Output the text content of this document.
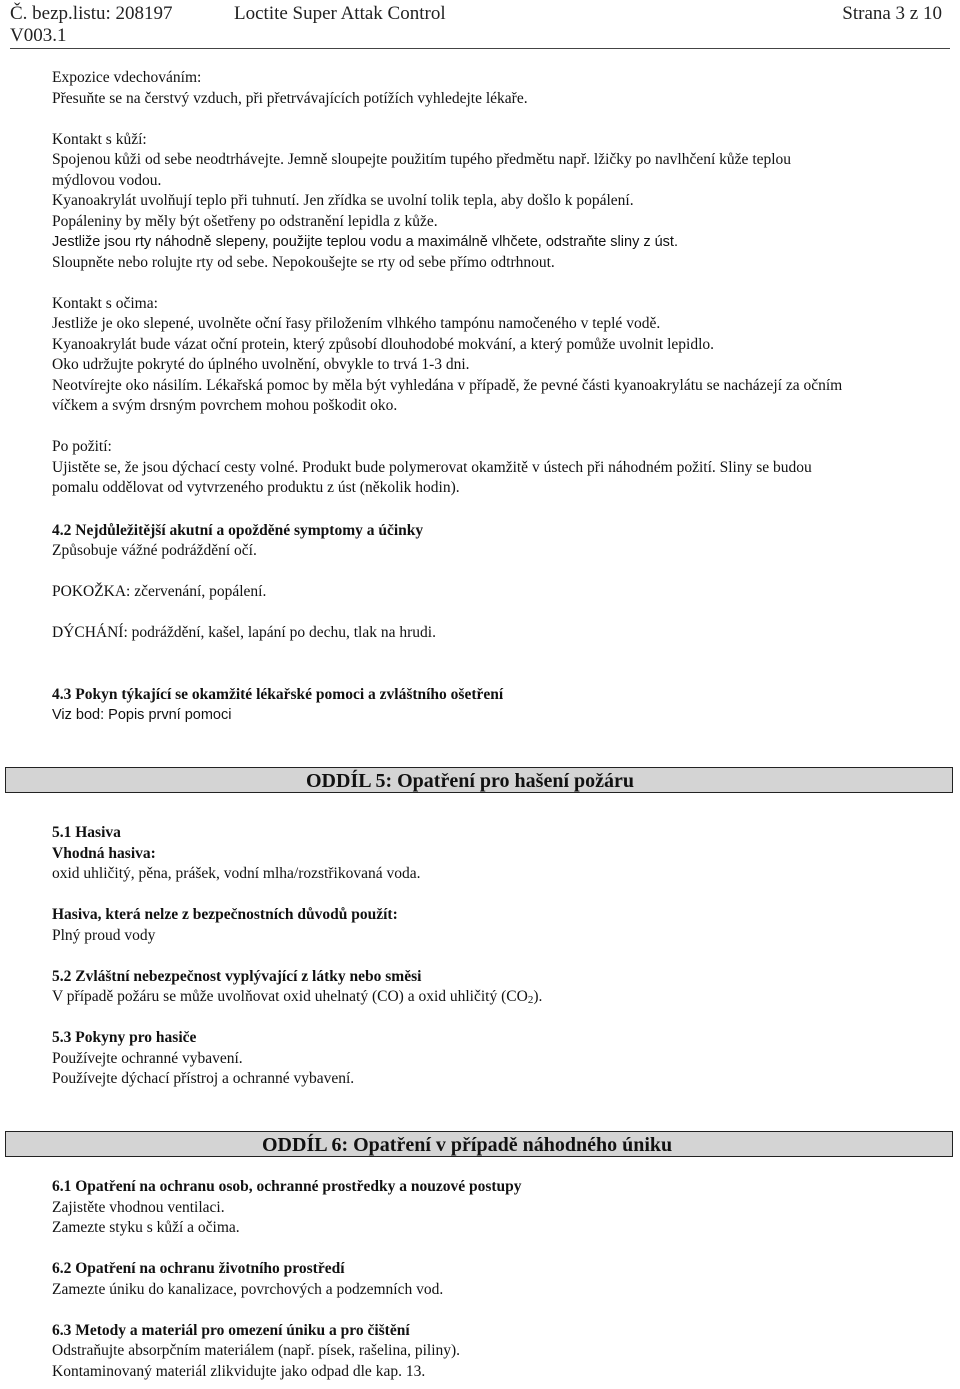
Č. bezp.listu: 208197	Loctite Super Attak Control	Strana 3 z 10
V003.1

Expozice vdechováním:

Přesuňte se na čerstvý vzduch, při přetrvávajících potížích vyhledejte lékaře.

Kontakt s kůží:

Spojenou kůži od sebe neodtrhávejte. Jemně sloupejte použitím tupého předmětu např. lžičky po navlhčení kůže teplou

mýdlovou vodou.

Kyanoakrylát uvolňují teplo při tuhnutí. Jen zřídka se uvolní tolik tepla, aby došlo k popálení.

Popáleniny by měly být ošetřeny po odstranění lepidla z kůže.

Jestliže jsou rty náhodně slepeny, použijte teplou vodu a maximálně vlhčete, odstraňte sliny z úst.

Sloupněte nebo rolujte rty od sebe. Nepokoušejte se rty od sebe přímo odtrhnout.

Kontakt s očima:

Jestliže je oko slepené, uvolněte oční řasy přiložením vlhkého tampónu namočeného v teplé vodě.

Kyanoakrylát bude vázat oční protein, který způsobí dlouhodobé mokvání, a který pomůže uvolnit lepidlo.

Oko udržujte pokryté do úplného uvolnění, obvykle to trvá 1-3 dni.

Neotvírejte oko násilím. Lékařská pomoc by měla být vyhledána v případě, že pevné části kyanoakrylátu se nacházejí za očním

víčkem a svým drsným povrchem mohou poškodit oko.

Po požití:

Ujistěte se, že jsou dýchací cesty volné. Produkt bude polymerovat okamžitě v ústech při náhodném požití. Sliny se budou

pomalu oddělovat od vytvrzeného produktu z úst (několik hodin).

4.2 Nejdůležitější akutní a opožděné symptomy a účinky

Způsobuje vážné podráždění očí.

POKOŽKA: zčervenání, popálení.

DÝCHÁNÍ: podráždění, kašel, lapání po dechu, tlak na hrudi.

4.3 Pokyn týkající se okamžité lékařské pomoci a zvláštního ošetření

Viz bod: Popis první pomoci

ODDÍL 5: Opatření pro hašení požáru

5.1 Hasiva

Vhodná hasiva:

oxid uhličitý, pěna, prášek, vodní mlha/rozstřikovaná voda.

Hasiva, která nelze z bezpečnostních důvodů použít:

Plný proud vody

5.2 Zvláštní nebezpečnost vyplývající z látky nebo směsi

V případě požáru se může uvolňovat oxid uhelnatý (CO) a oxid uhličitý (CO2).

5.3 Pokyny pro hasiče

Používejte ochranné vybavení.

Používejte dýchací přístroj a ochranné vybavení.

ODDÍL 6: Opatření v případě náhodného úniku

6.1 Opatření na ochranu osob, ochranné prostředky a nouzové postupy

Zajistěte vhodnou ventilaci.

Zamezte styku s kůží a očima.

6.2 Opatření na ochranu životního prostředí

Zamezte úniku do kanalizace, povrchových a podzemních vod.

6.3 Metody a materiál pro omezení úniku a pro čištění

Odstraňujte absorpčním materiálem (např. písek, rašelina, piliny).

Kontaminovaný materiál zlikvidujte jako odpad dle kap. 13.
